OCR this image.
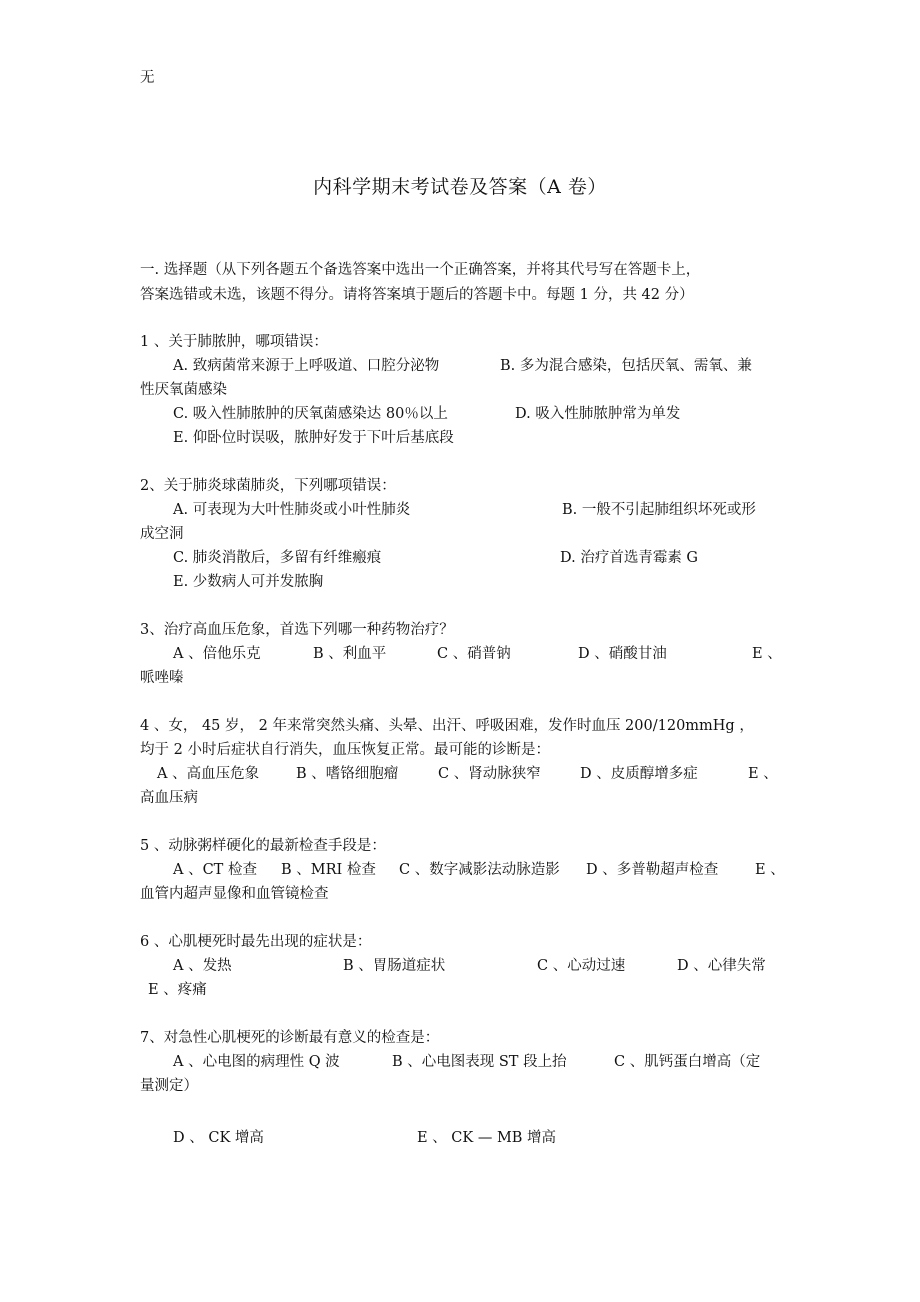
无
内科学期末考试卷及答案（A 卷）
一. 选择题（从下列各题五个备选答案中选出一个正确答案，并将其代号写在答题卡上，
答案选错或未选，该题不得分。请将答案填于题后的答题卡中。每题 1 分，共 42 分）
1 、关于肺脓肿，哪项错误：
A. 致病菌常来源于上呼吸道、口腔分泌物	B. 多为混合感染，包括厌氧、需氧、兼
性厌氧菌感染
C. 吸入性肺脓肿的厌氧菌感染达 80％以上	D. 吸入性肺脓肿常为单发
E. 仰卧位时误吸，脓肿好发于下叶后基底段
2、关于肺炎球菌肺炎，下列哪项错误：
A. 可表现为大叶性肺炎或小叶性肺炎	B. 一般不引起肺组织坏死或形
成空洞
C. 肺炎消散后，多留有纤维瘢痕	D. 治疗首选青霉素 G
E. 少数病人可并发脓胸
3、治疗高血压危象，首选下列哪一种药物治疗？
A 、倍他乐克	B 、利血平	C 、硝普钠	D 、硝酸甘油	E 、
哌唑嗪
4 、女， 45 岁， 2 年来常突然头痛、头晕、出汗、呼吸困难，发作时血压 200/120mmHg ，
均于 2 小时后症状自行消失，血压恢复正常。最可能的诊断是：
A 、高血压危象	B 、嗜铬细胞瘤	C 、肾动脉狭窄	D 、皮质醇增多症	E 、
高血压病
5 、动脉粥样硬化的最新检查手段是：
A 、CT 检查 B 、MRI 检查 C 、数字减影法动脉造影 D 、多普勒超声检查	E 、
血管内超声显像和血管镜检查
6 、心肌梗死时最先出现的症状是：
A 、发热	B 、胃肠道症状	C 、心动过速	D 、心律失常
E 、疼痛
7、对急性心肌梗死的诊断最有意义的检查是：
A 、心电图的病理性 Q 波	B 、心电图表现 ST 段上抬	C 、肌钙蛋白增高（定
量测定）
D 、 CK 增高	E 、 CK — MB 增高
